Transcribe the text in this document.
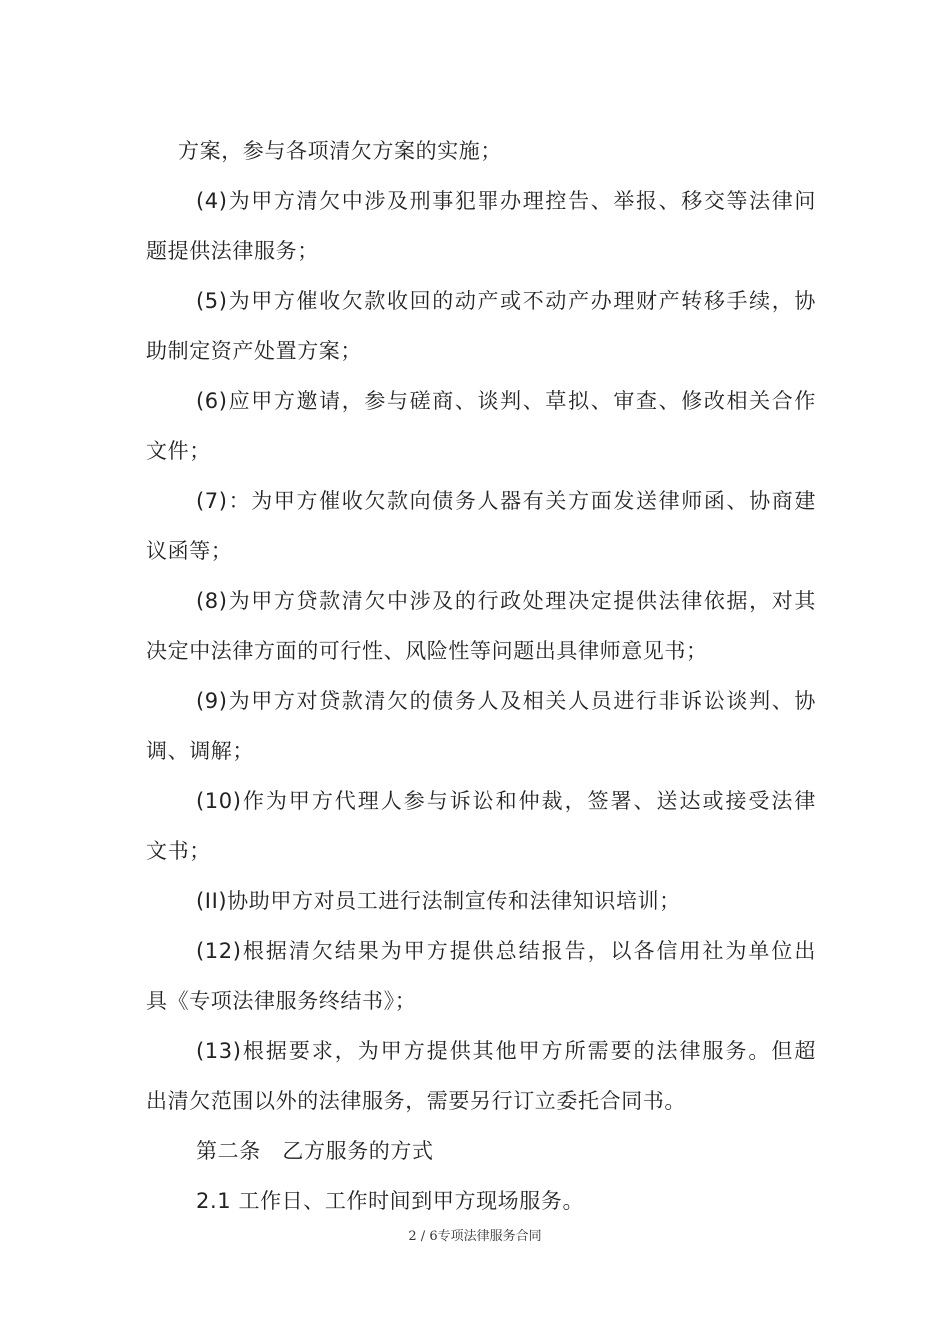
方案，参与各项清欠方案的实施；
(4)为甲方清欠中涉及刑事犯罪办理控告、举报、移交等法律问
题提供法律服务；
(5)为甲方催收欠款收回的动产或不动产办理财产转移手续，协
助制定资产处置方案；
(6)应甲方邀请，参与磋商、谈判、草拟、审查、修改相关合作
文件；
(7)：为甲方催收欠款向债务人器有关方面发送律师函、协商建
议函等；
(8)为甲方贷款清欠中涉及的行政处理决定提供法律依据，对其
决定中法律方面的可行性、风险性等问题出具律师意见书；
(9)为甲方对贷款清欠的债务人及相关人员进行非诉讼谈判、协
调、调解；
(10)作为甲方代理人参与诉讼和仲裁，签署、送达或接受法律
文书；
(II)协助甲方对员工进行法制宣传和法律知识培训；
(12)根据清欠结果为甲方提供总结报告，以各信用社为单位出
具《专项法律服务终结书》；
(13)根据要求，为甲方提供其他甲方所需要的法律服务。但超
出清欠范围以外的法律服务，需要另行订立委托合同书。
第二条　乙方服务的方式
2.1 工作日、工作时间到甲方现场服务。
2 / 6专项法律服务合同
